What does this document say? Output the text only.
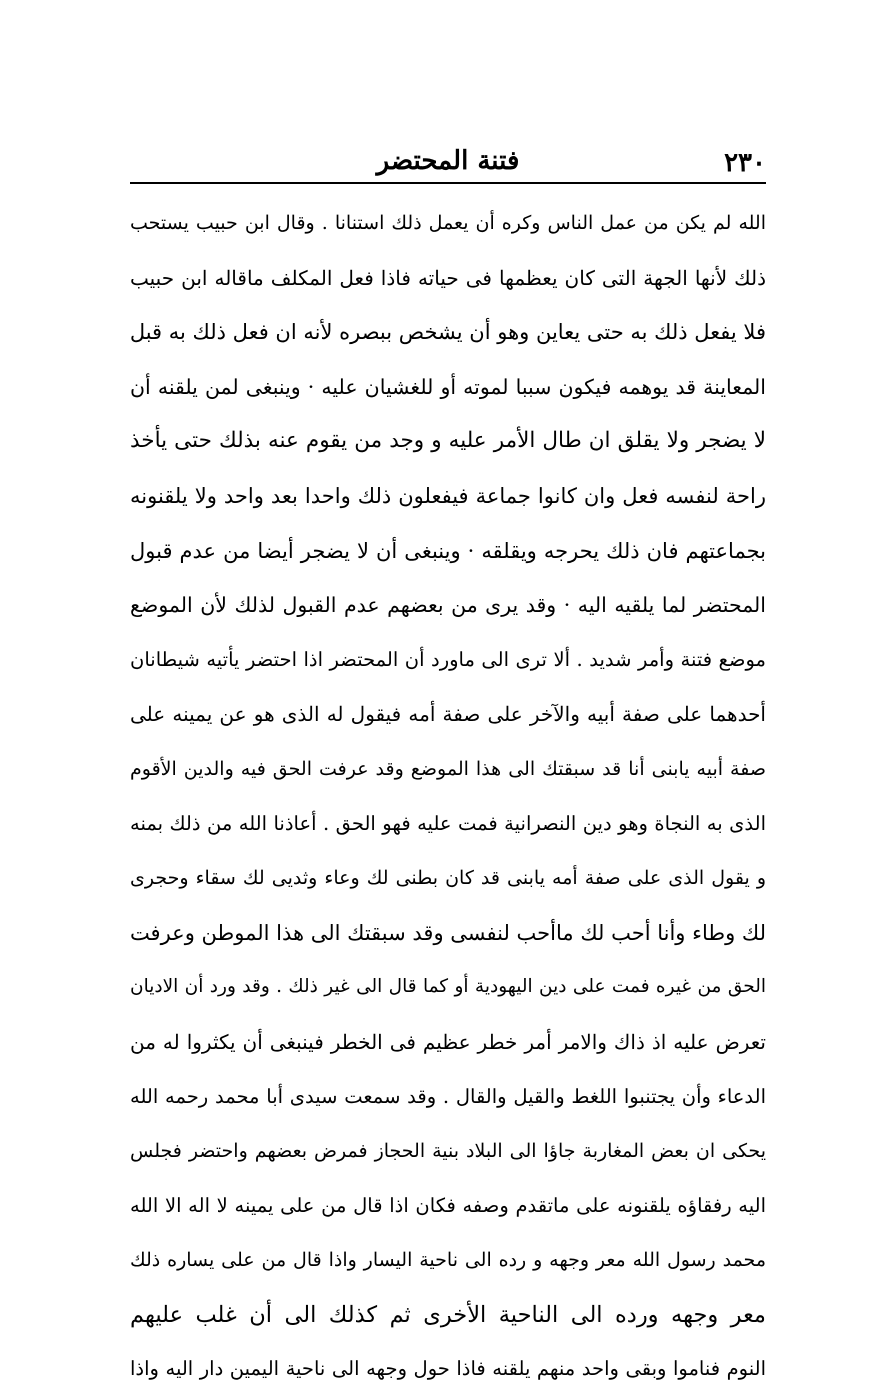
٢٣٠
فتنة المحتضر
الله لم يكن من عمل الناس وكره أن يعمل ذلك استنانا . وقال ابن حبيب يستحب
ذلك لأنها الجهة التى كان يعظمها فى حياته فاذا فعل المكلف ماقاله ابن حبيب
فلا يفعل ذلك به حتى يعاين وهو أن يشخص ببصره لأنه ان فعل ذلك به قبل
المعاينة قد يوهمه فيكون سببا لموته أو للغشيان عليه · وينبغى لمن يلقنه أن
لا يضجر ولا يقلق ان طال الأمر عليه و وجد من يقوم عنه بذلك حتى يأخذ
راحة لنفسه فعل وان كانوا جماعة فيفعلون ذلك واحدا بعد واحد ولا يلقنونه
بجماعتهم فان ذلك يحرجه ويقلقه · وينبغى أن لا يضجر أيضا من عدم قبول
المحتضر لما يلقيه اليه · وقد يرى من بعضهم عدم القبول لذلك لأن الموضع
موضع فتنة وأمر شديد . ألا ترى الى ماورد أن المحتضر اذا احتضر يأتيه شيطانان
أحدهما على صفة أبيه والآخر على صفة أمه فيقول له الذى هو عن يمينه على
صفة أبيه يابنى أنا قد سبقتك الى هذا الموضع وقد عرفت الحق فيه والدين الأقوم
الذى به النجاة وهو دين النصرانية فمت عليه فهو الحق . أعاذنا الله من ذلك بمنه
و يقول الذى على صفة أمه يابنى قد كان بطنى لك وعاء وثديى لك سقاء وحجرى
لك وطاء وأنا أحب لك ماأحب لنفسى وقد سبقتك الى هذا الموطن وعرفت
الحق من غيره فمت على دين اليهودية أو كما قال الى غير ذلك . وقد ورد أن الاديان
تعرض عليه اذ ذاك والامر أمر خطر عظيم فى الخطر فينبغى أن يكثروا له من
الدعاء وأن يجتنبوا اللغط والقيل والقال . وقد سمعت سيدى أبا محمد رحمه الله
يحكى ان بعض المغاربة جاؤا الى البلاد بنية الحجاز فمرض بعضهم واحتضر فجلس
اليه رفقاؤه يلقنونه على ماتقدم وصفه فكان اذا قال من على يمينه لا اله الا الله
محمد رسول الله معر وجهه و رده الى ناحية اليسار واذا قال من على يساره ذلك
معر وجهه ورده الى الناحية الأخرى ثم كذلك الى أن غلب عليهم
النوم فناموا وبقى واحد منهم يلقنه فاذا حول وجهه الى ناحية اليمين دار اليه واذا
